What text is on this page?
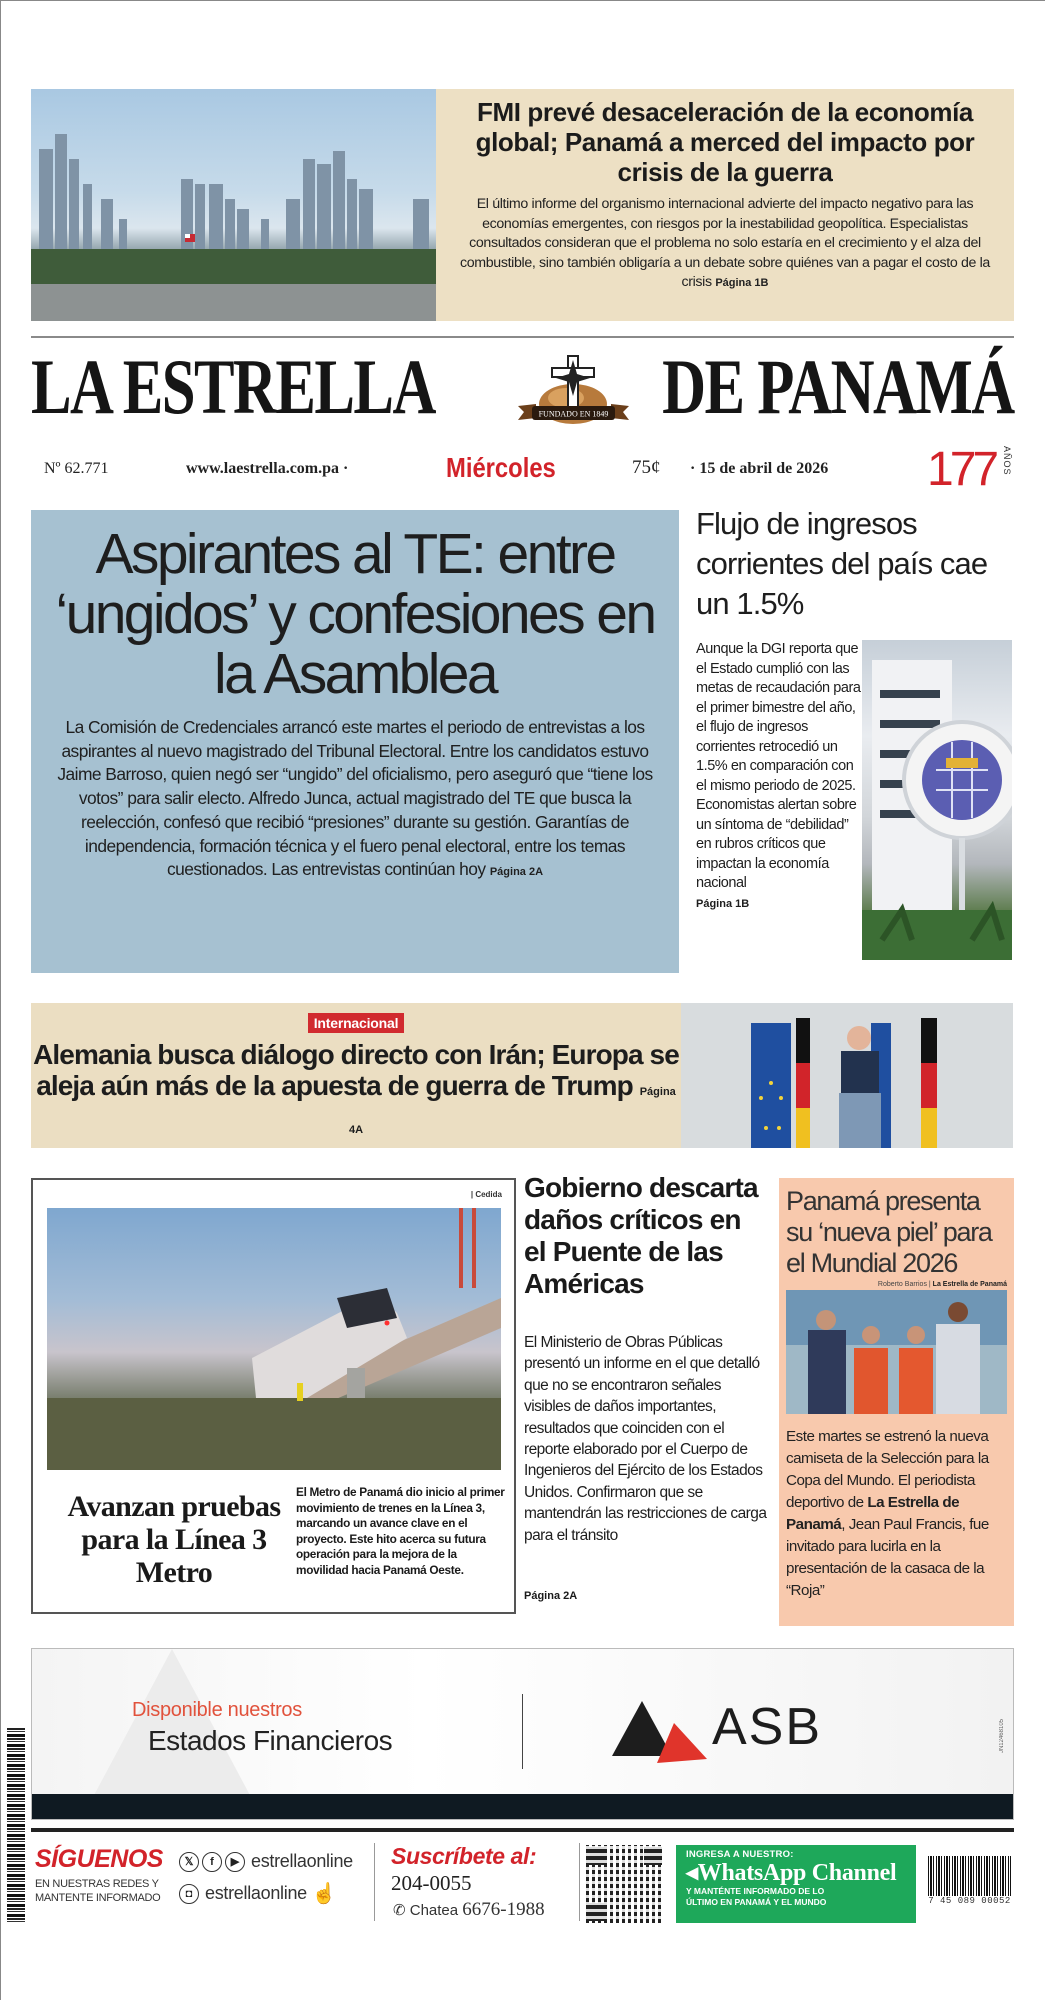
FMI prevé desaceleración de la economía global; Panamá a merced del impacto por crisis de la guerra
El último informe del organismo internacional advierte del impacto negativo para las economías emergentes, con riesgos por la inestabilidad geopolítica. Especialistas consultados consideran que el problema no solo estaría en el crecimiento y el alza del combustible, sino también obligaría a un debate sobre quiénes van a pagar el costo de la crisis Página 1B
LA ESTRELLA	FUNDADO EN 1849 DE PANAMÁ
Nº 62.771	www.laestrella.com.pa ·	Miércoles	75¢ · 15 de abril de 2026 177 AÑOS
Aspirantes al TE: entre ‘ungidos’ y confesiones en la Asamblea
La Comisión de Credenciales arrancó este martes el periodo de entrevistas a los aspirantes al nuevo magistrado del Tribunal Electoral. Entre los candidatos estuvo Jaime Barroso, quien negó ser “ungido” del oficialismo, pero aseguró que “tiene los votos” para salir electo. Alfredo Junca, actual magistrado del TE que busca la reelección, confesó que recibió “presiones” durante su gestión. Garantías de independencia, formación técnica y el fuero penal electoral, entre los temas cuestionados. Las entrevistas continúan hoy Página 2A
Flujo de ingresos corrientes del país cae un 1.5%
Aunque la DGI reporta que el Estado cumplió con las metas de recaudación para el primer bimestre del año, el flujo de ingresos corrientes retrocedió un 1.5% en comparación con el mismo periodo de 2025. Economistas alertan sobre un síntoma de “debilidad” en rubros críticos que impactan la economía nacional
Página 1B
Internacional
Alemania busca diálogo directo con Irán; Europa se aleja aún más de la apuesta de guerra de Trump Página 4A
| Cedida
Avanzan pruebas para la Línea 3 Metro
El Metro de Panamá dio inicio al primer movimiento de trenes en la Línea 3, marcando un avance clave en el proyecto. Este hito acerca su futura operación para la mejora de la movilidad hacia Panamá Oeste.
Gobierno descarta daños críticos en el Puente de las Américas
El Ministerio de Obras Públicas presentó un informe en el que detalló que no se encontraron señales visibles de daños importantes, resultados que coinciden con el reporte elaborado por el Cuerpo de Ingenieros del Ejército de los Estados Unidos. Confirmaron que se mantendrán las restricciones de carga para el tránsito
Página 2A
Panamá presenta su ‘nueva piel’ para el Mundial 2026
Roberto Barrios | La Estrella de Panamá
Este martes se estrenó la nueva camiseta de la Selección para la Copa del Mundo. El periodista deportivo de La Estrella de Panamá, Jean Paul Francis, fue invitado para lucirla en la presentación de la casaca de la “Roja”
Disponible nuestros
Estados Financieros	ASB	JN12468105
SÍGUENOS
EN NUESTRAS REDES Y
MANTENTE INFORMADO
𝕏	f	▶ estrellaonline
◘ estrellaonline ☝
Suscríbete al:
204-0055
✆ Chatea 6676-1988
INGRESA A NUESTRO:
◂WhatsApp Channel
Y MANTÉNTE INFORMADO DE LO
ÚLTIMO EN PANAMÁ Y EL MUNDO	7 45 089 00052
